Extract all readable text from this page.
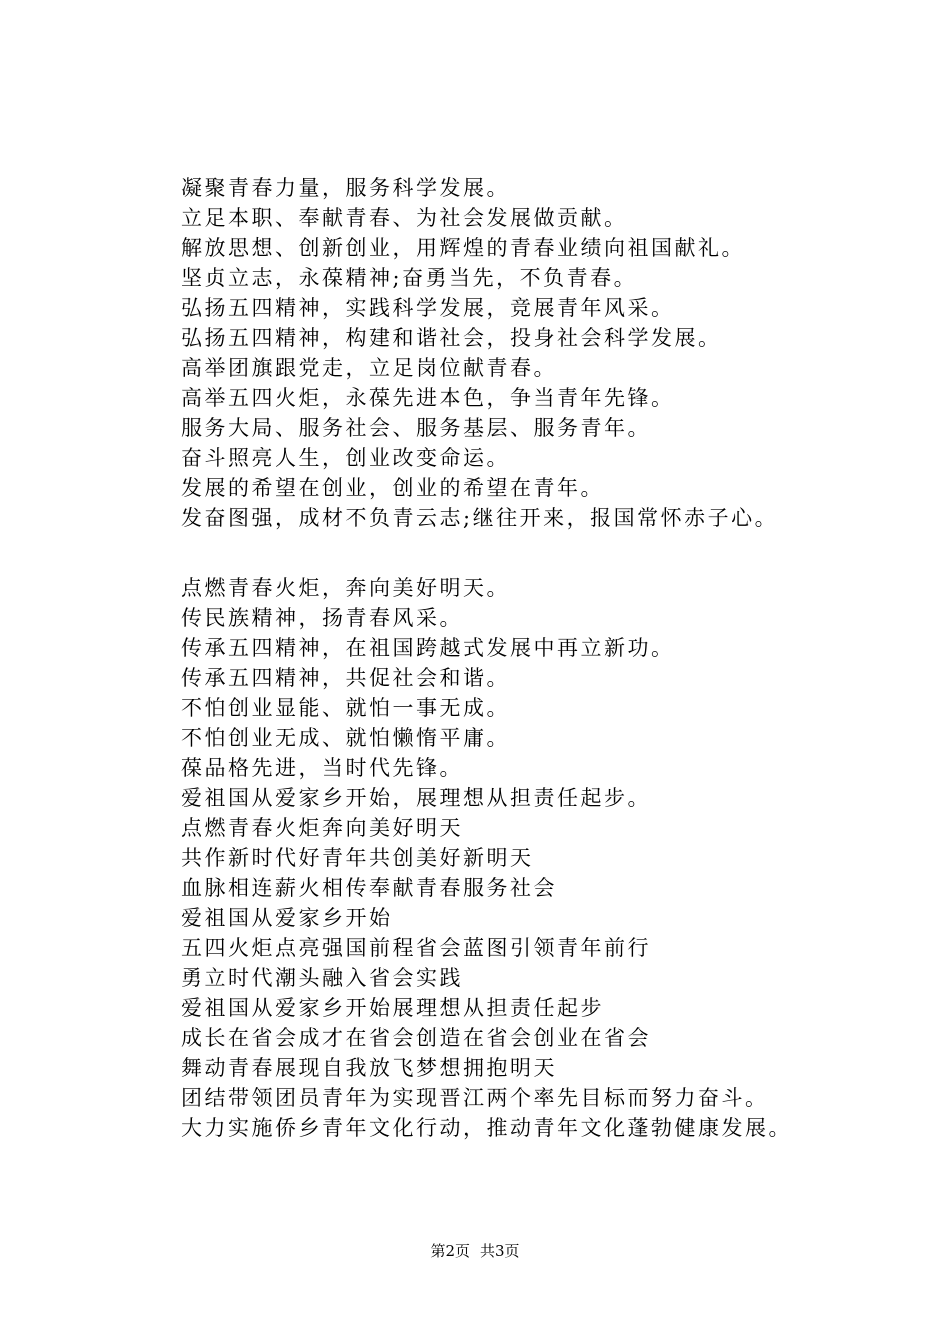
凝聚青春力量，服务科学发展。
立足本职、奉献青春、为社会发展做贡献。
解放思想、创新创业，用辉煌的青春业绩向祖国献礼。
坚贞立志，永葆精神;奋勇当先，不负青春。
弘扬五四精神，实践科学发展，竞展青年风采。
弘扬五四精神，构建和谐社会，投身社会科学发展。
高举团旗跟党走，立足岗位献青春。
高举五四火炬，永葆先进本色，争当青年先锋。
服务大局、服务社会、服务基层、服务青年。
奋斗照亮人生，创业改变命运。
发展的希望在创业，创业的希望在青年。
发奋图强，成材不负青云志;继往开来，报国常怀赤子心。
点燃青春火炬，奔向美好明天。
传民族精神，扬青春风采。
传承五四精神，在祖国跨越式发展中再立新功。
传承五四精神，共促社会和谐。
不怕创业显能、就怕一事无成。
不怕创业无成、就怕懒惰平庸。
葆品格先进，当时代先锋。
爱祖国从爱家乡开始，展理想从担责任起步。
点燃青春火炬奔向美好明天
共作新时代好青年共创美好新明天
血脉相连薪火相传奉献青春服务社会
爱祖国从爱家乡开始
五四火炬点亮强国前程省会蓝图引领青年前行
勇立时代潮头融入省会实践
爱祖国从爱家乡开始展理想从担责任起步
成长在省会成才在省会创造在省会创业在省会
舞动青春展现自我放飞梦想拥抱明天
团结带领团员青年为实现晋江两个率先目标而努力奋斗。
大力实施侨乡青年文化行动，推动青年文化蓬勃健康发展。
第2页 共3页
